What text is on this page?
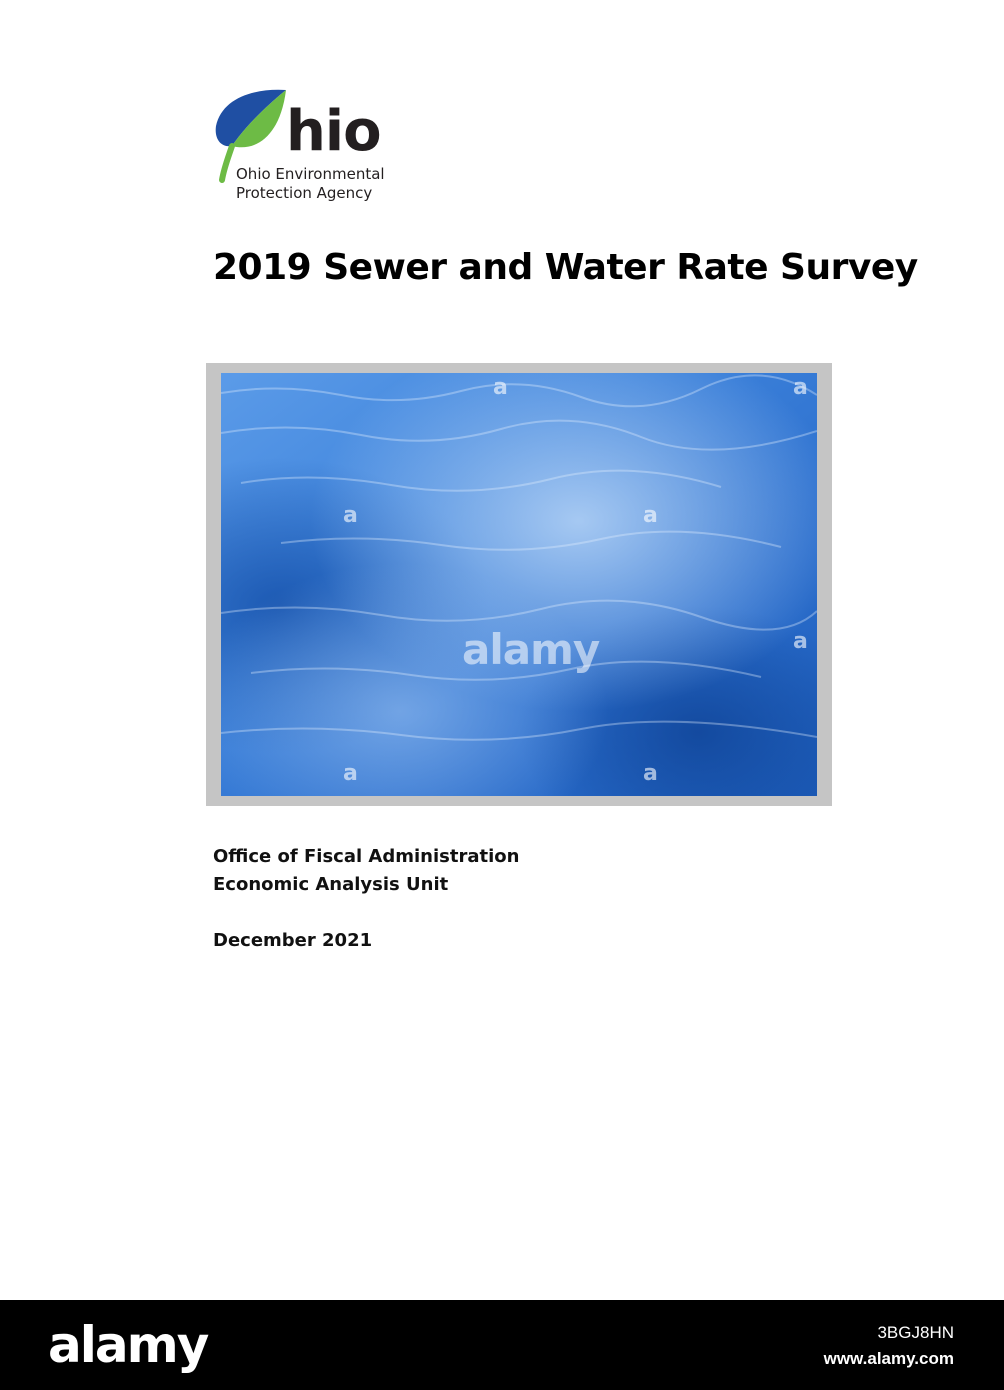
hio
Ohio Environmental
Protection Agency
2019 Sewer and Water Rate Survey
alamy
a	a
a	a
a
a	a
Office of Fiscal Administration
Economic Analysis Unit
December 2021
alamy	3BGJ8HN
www.alamy.com
